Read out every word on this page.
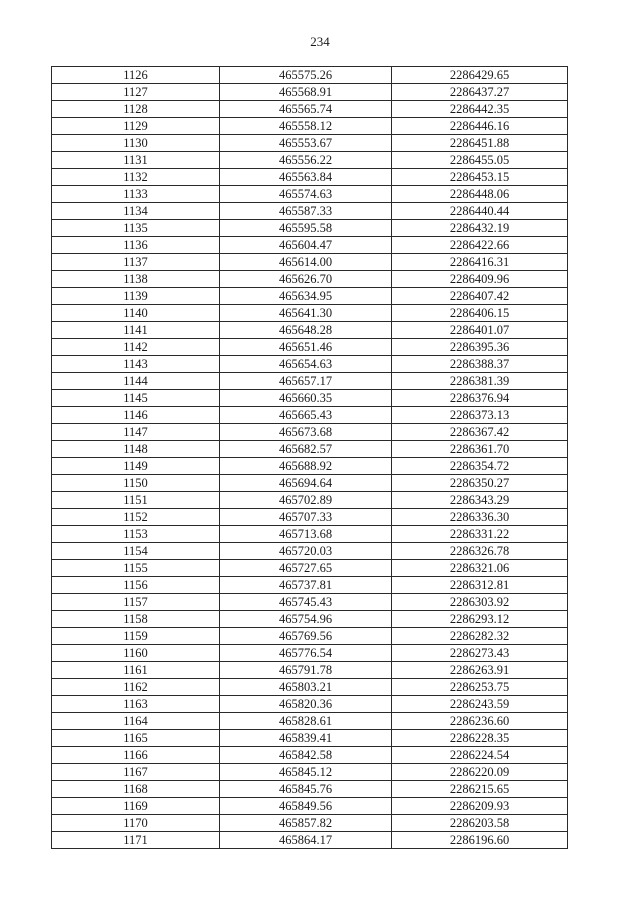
234
1126	465575.26	2286429.65
1127	465568.91	2286437.27
1128	465565.74	2286442.35
1129	465558.12	2286446.16
1130	465553.67	2286451.88
1131	465556.22	2286455.05
1132	465563.84	2286453.15
1133	465574.63	2286448.06
1134	465587.33	2286440.44
1135	465595.58	2286432.19
1136	465604.47	2286422.66
1137	465614.00	2286416.31
1138	465626.70	2286409.96
1139	465634.95	2286407.42
1140	465641.30	2286406.15
1141	465648.28	2286401.07
1142	465651.46	2286395.36
1143	465654.63	2286388.37
1144	465657.17	2286381.39
1145	465660.35	2286376.94
1146	465665.43	2286373.13
1147	465673.68	2286367.42
1148	465682.57	2286361.70
1149	465688.92	2286354.72
1150	465694.64	2286350.27
1151	465702.89	2286343.29
1152	465707.33	2286336.30
1153	465713.68	2286331.22
1154	465720.03	2286326.78
1155	465727.65	2286321.06
1156	465737.81	2286312.81
1157	465745.43	2286303.92
1158	465754.96	2286293.12
1159	465769.56	2286282.32
1160	465776.54	2286273.43
1161	465791.78	2286263.91
1162	465803.21	2286253.75
1163	465820.36	2286243.59
1164	465828.61	2286236.60
1165	465839.41	2286228.35
1166	465842.58	2286224.54
1167	465845.12	2286220.09
1168	465845.76	2286215.65
1169	465849.56	2286209.93
1170	465857.82	2286203.58
1171	465864.17	2286196.60
